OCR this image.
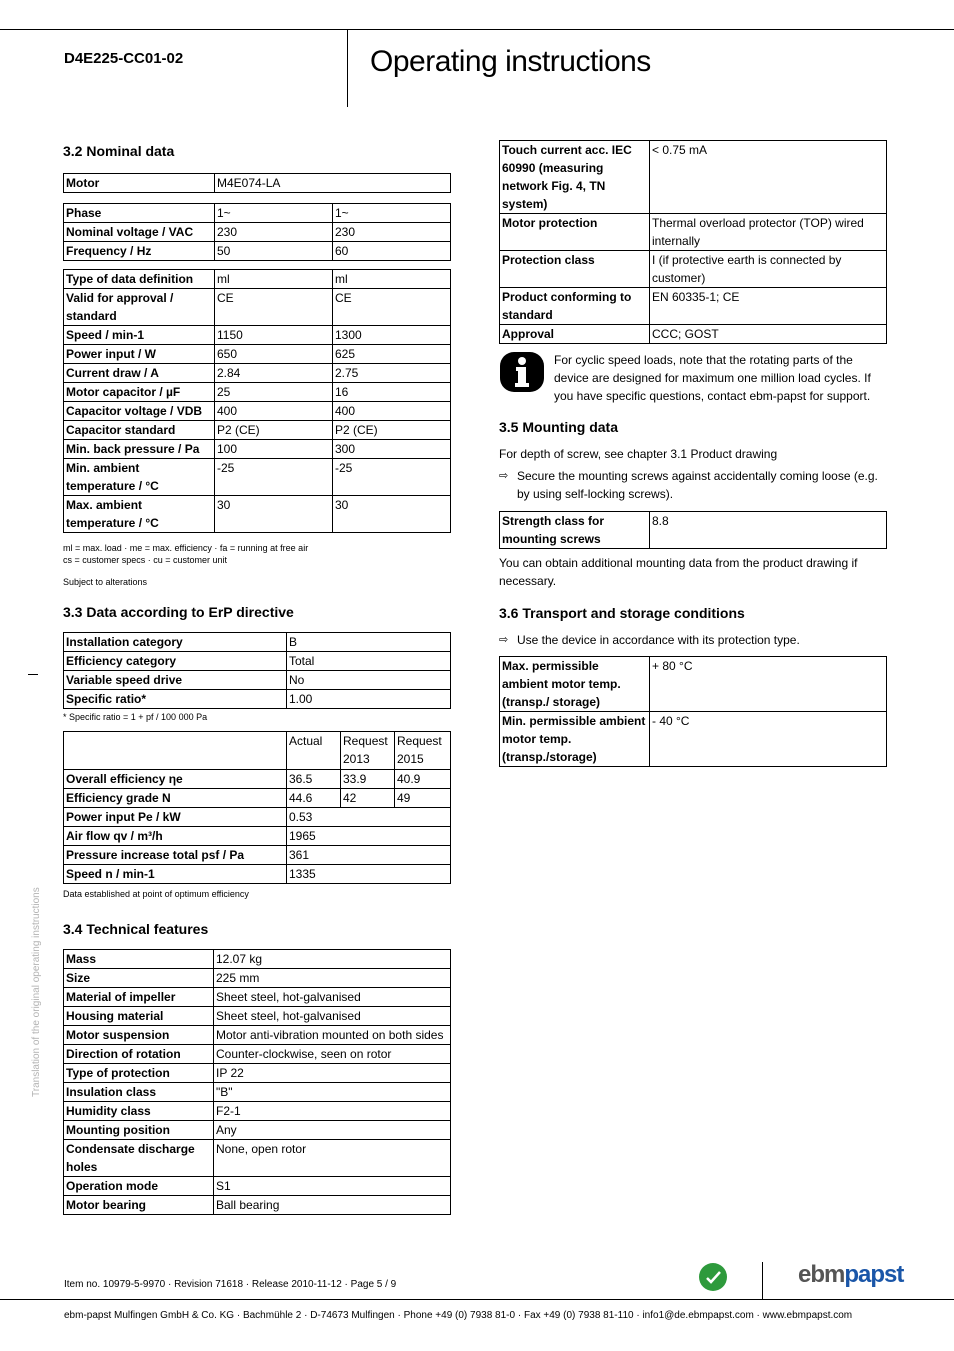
D4E225-CC01-02	Operating instructions
Translation of the original operating instructions
3.2 Nominal data
Motor	M4E074-LA
Phase	1~	1~
Nominal voltage / VAC	230	230
Frequency / Hz	50	60
Type of data definition	ml	ml
Valid for approval / standard	CE	CE
Speed / min-1	1150	1300
Power input / W	650	625
Current draw / A	2.84	2.75
Motor capacitor / µF	25	16
Capacitor voltage / VDB	400	400
Capacitor standard	P2 (CE)	P2 (CE)
Min. back pressure / Pa	100	300
Min. ambient temperature / °C	-25	-25
Max. ambient temperature / °C	30	30
ml = max. load · me = max. efficiency · fa = running at free air
cs = customer specs · cu = customer unit
Subject to alterations
3.3 Data according to ErP directive
Installation category	B
Efficiency category	Total
Variable speed drive	No
Specific ratio*	1.00
* Specific ratio = 1 + pf / 100 000 Pa
	Actual	Request 2013	Request 2015
Overall efficiency ηe	36.5	33.9	40.9
Efficiency grade N	44.6	42	49
Power input Pe / kW	0.53		
Air flow qv / m³/h	1965		
Pressure increase total psf / Pa	361		
Speed n / min-1	1335		
Data established at point of optimum efficiency
3.4 Technical features
Mass	12.07 kg
Size	225 mm
Material of impeller	Sheet steel, hot-galvanised
Housing material	Sheet steel, hot-galvanised
Motor suspension	Motor anti-vibration mounted on both sides
Direction of rotation	Counter-clockwise, seen on rotor
Type of protection	IP 22
Insulation class	"B"
Humidity class	F2-1
Mounting position	Any
Condensate discharge holes	None, open rotor
Operation mode	S1
Motor bearing	Ball bearing
Touch current acc. IEC 60990 (measuring network Fig. 4, TN system)	< 0.75 mA
Motor protection	Thermal overload protector (TOP) wired internally
Protection class	I (if protective earth is connected by customer)
Product conforming to standard	EN 60335-1; CE
Approval	CCC; GOST
For cyclic speed loads, note that the rotating parts of the device are designed for maximum one million load cycles. If you have specific questions, contact ebm-papst for support.
3.5 Mounting data
For depth of screw, see chapter 3.1 Product drawing
⇨ Secure the mounting screws against accidentally coming loose (e.g. by using self-locking screws).
Strength class for mounting screws	8.8
You can obtain additional mounting data from the product drawing if necessary.
3.6 Transport and storage conditions
⇨ Use the device in accordance with its protection type.
Max. permissible ambient motor temp. (transp./ storage)	+ 80 °C
Min. permissible ambient motor temp. (transp./storage)	- 40 °C
Item no. 10979-5-9970 · Revision 71618 · Release 2010-11-12 · Page 5 / 9	ebmpapst
ebm-papst Mulfingen GmbH & Co. KG · Bachmühle 2 · D-74673 Mulfingen · Phone +49 (0) 7938 81-0 · Fax +49 (0) 7938 81-110 · info1@de.ebmpapst.com · www.ebmpapst.com
